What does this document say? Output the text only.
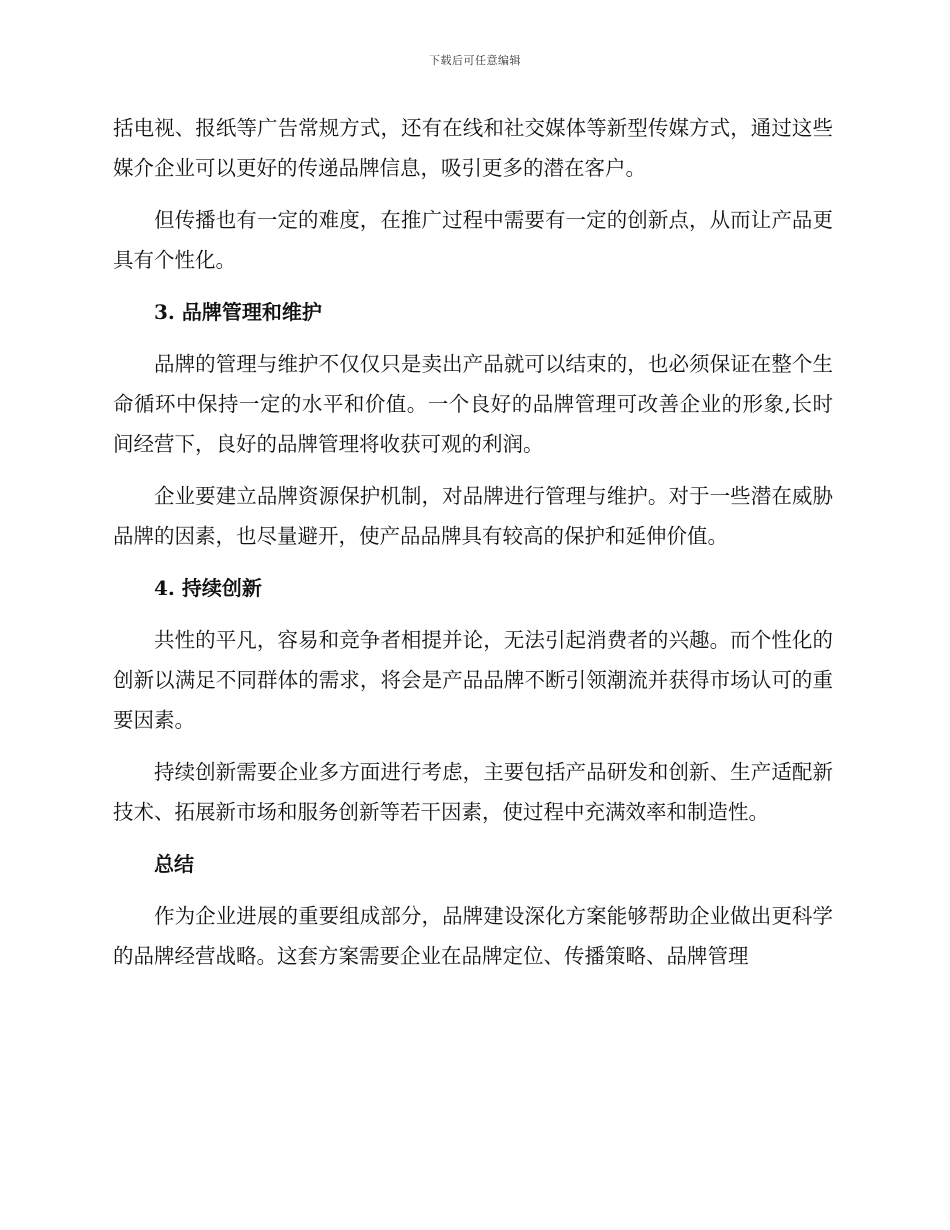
下载后可任意编辑

括电视、报纸等广告常规方式，还有在线和社交媒体等新型传媒方式，通过这些媒介企业可以更好的传递品牌信息，吸引更多的潜在客户。

但传播也有一定的难度，在推广过程中需要有一定的创新点，从而让产品更具有个性化。

3. 品牌管理和维护

品牌的管理与维护不仅仅只是卖出产品就可以结束的，也必须保证在整个生命循环中保持一定的水平和价值。一个良好的品牌管理可改善企业的形象,长时间经营下，良好的品牌管理将收获可观的利润。

企业要建立品牌资源保护机制，对品牌进行管理与维护。对于一些潜在威胁品牌的因素，也尽量避开，使产品品牌具有较高的保护和延伸价值。

4. 持续创新

共性的平凡，容易和竞争者相提并论，无法引起消费者的兴趣。而个性化的创新以满足不同群体的需求，将会是产品品牌不断引领潮流并获得市场认可的重要因素。

持续创新需要企业多方面进行考虑，主要包括产品研发和创新、生产适配新技术、拓展新市场和服务创新等若干因素，使过程中充满效率和制造性。

总结

作为企业进展的重要组成部分，品牌建设深化方案能够帮助企业做出更科学的品牌经营战略。这套方案需要企业在品牌定位、传播策略、品牌管理
